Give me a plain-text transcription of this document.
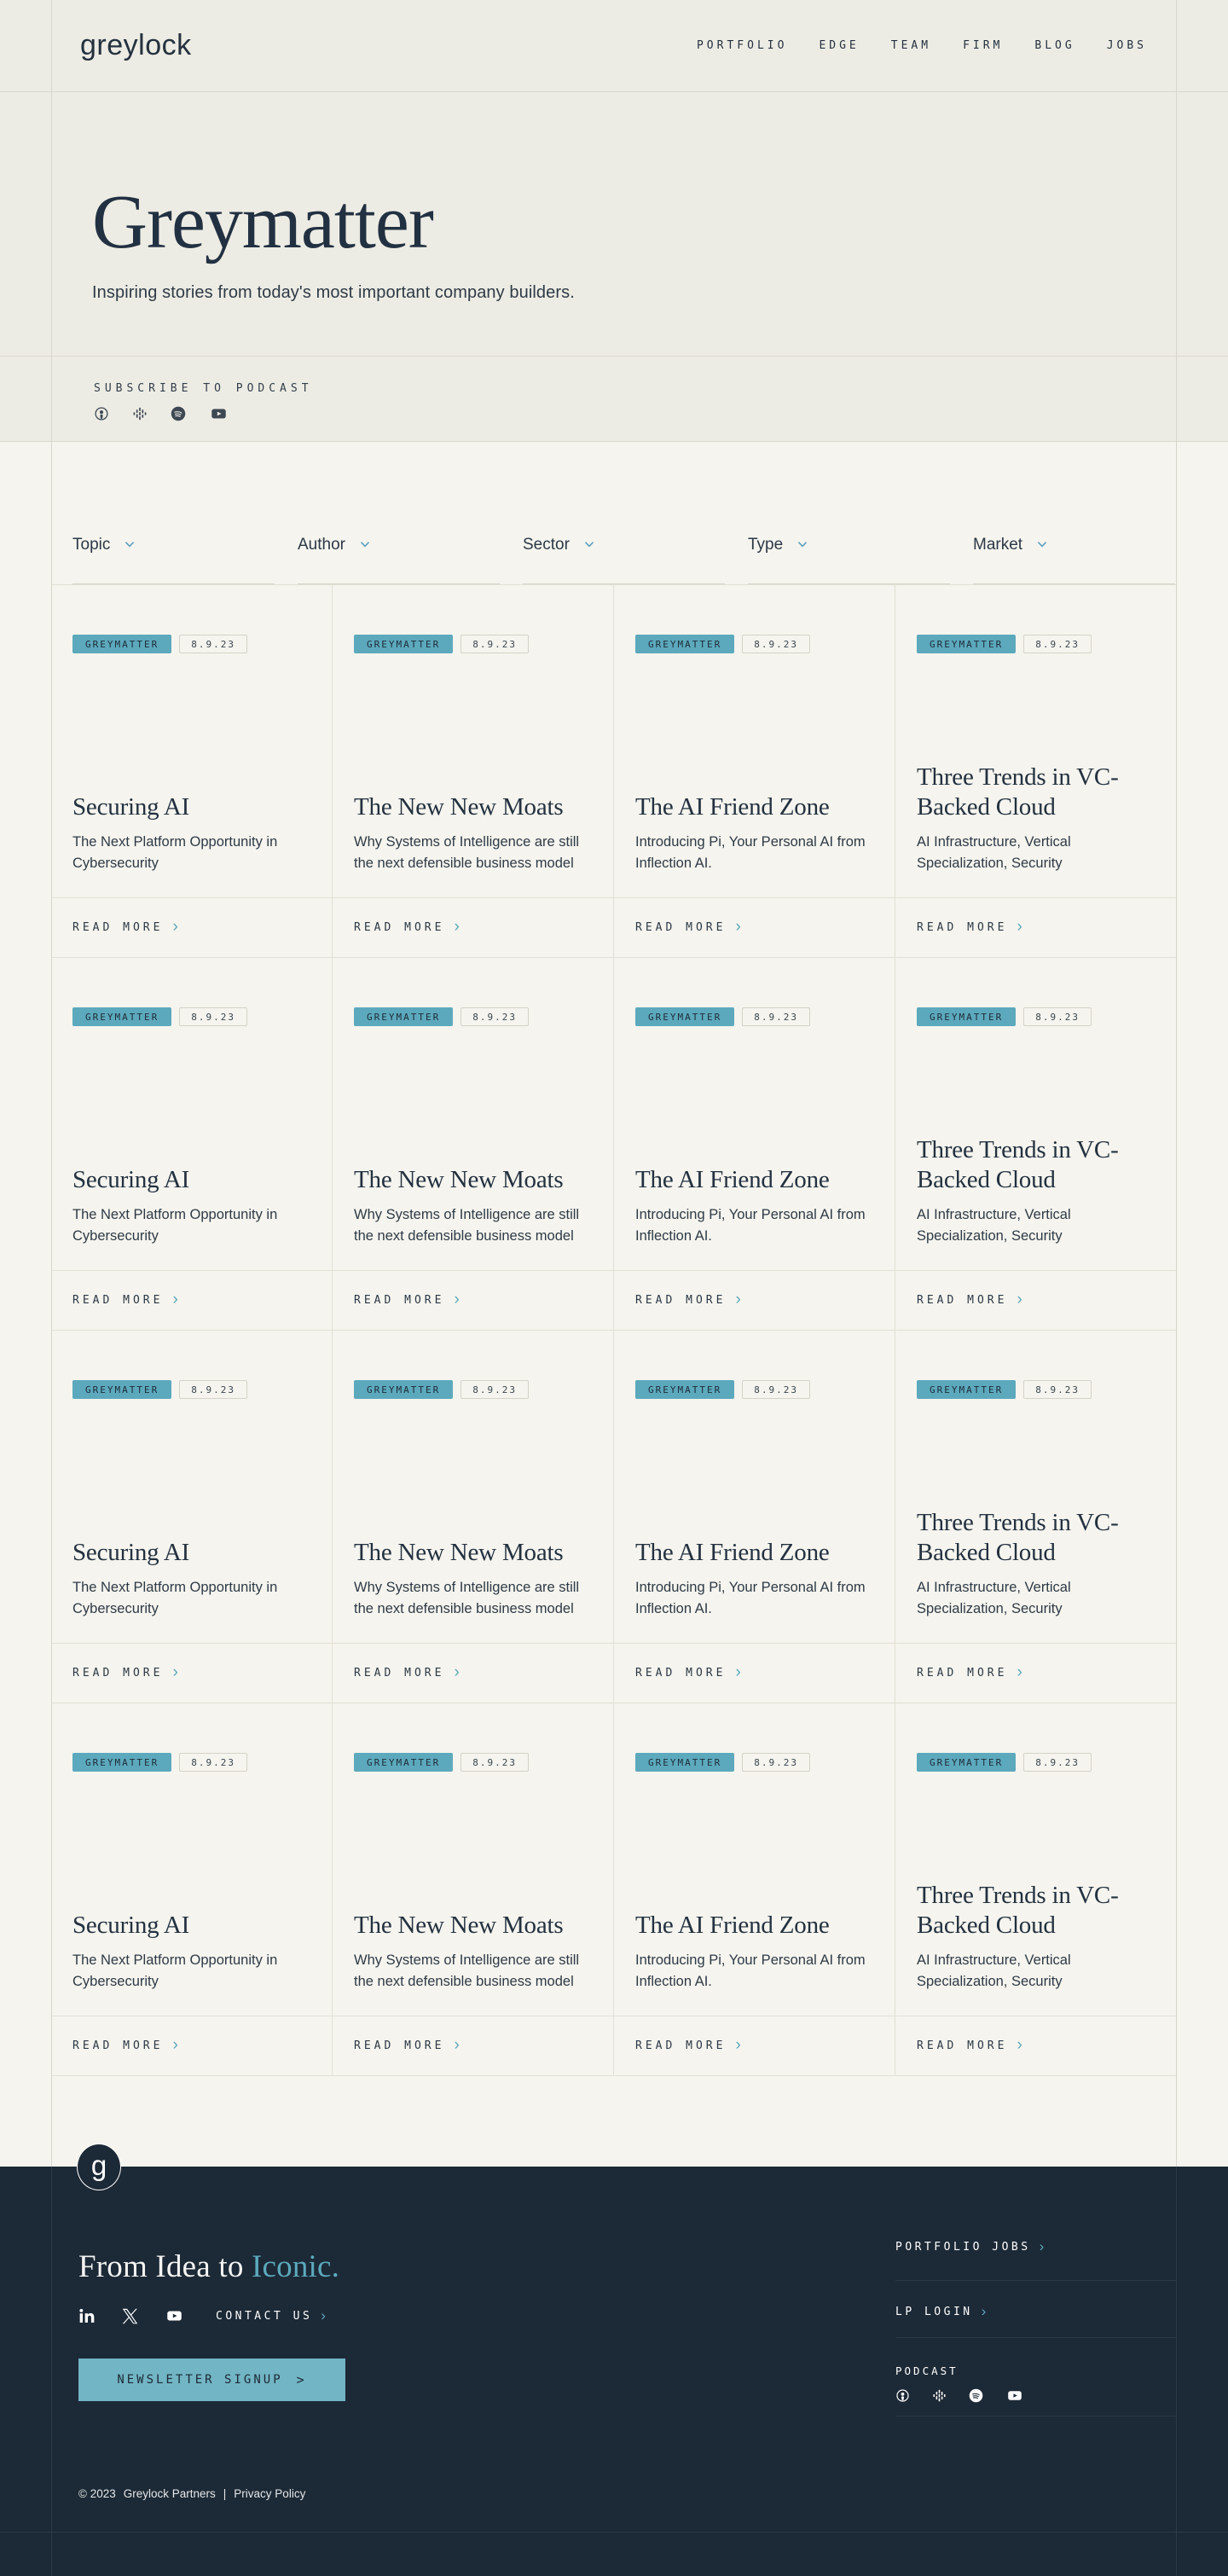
greylock	PORTFOLIO	EDGE	TEAM	FIRM	BLOG	JOBS
Greymatter

Inspiring stories from today's most important company builders.

SUBSCRIBE TO PODCAST
Topic	Author	Sector	Type	Market
GREYMATTER	8.9.23
Securing AI

The Next Platform Opportunity in Cybersecurity

READ MORE ›
GREYMATTER	8.9.23
The New New Moats

Why Systems of Intelligence are still the next defensible business model

READ MORE ›
GREYMATTER	8.9.23
The AI Friend Zone

Introducing Pi, Your Personal AI from Inflection AI.

READ MORE ›
GREYMATTER	8.9.23
Three Trends in VC-Backed Cloud

AI Infrastructure, Vertical Specialization, Security

READ MORE ›
GREYMATTER	8.9.23
Securing AI

The Next Platform Opportunity in Cybersecurity

READ MORE ›
GREYMATTER	8.9.23
The New New Moats

Why Systems of Intelligence are still the next defensible business model

READ MORE ›
GREYMATTER	8.9.23
The AI Friend Zone

Introducing Pi, Your Personal AI from Inflection AI.

READ MORE ›
GREYMATTER	8.9.23
Three Trends in VC-Backed Cloud

AI Infrastructure, Vertical Specialization, Security

READ MORE ›
GREYMATTER	8.9.23
Securing AI

The Next Platform Opportunity in Cybersecurity

READ MORE ›
GREYMATTER	8.9.23
The New New Moats

Why Systems of Intelligence are still the next defensible business model

READ MORE ›
GREYMATTER	8.9.23
The AI Friend Zone

Introducing Pi, Your Personal AI from Inflection AI.

READ MORE ›
GREYMATTER	8.9.23
Three Trends in VC-Backed Cloud

AI Infrastructure, Vertical Specialization, Security

READ MORE ›
GREYMATTER	8.9.23
Securing AI

The Next Platform Opportunity in Cybersecurity

READ MORE ›
GREYMATTER	8.9.23
The New New Moats

Why Systems of Intelligence are still the next defensible business model

READ MORE ›
GREYMATTER	8.9.23
The AI Friend Zone

Introducing Pi, Your Personal AI from Inflection AI.

READ MORE ›
GREYMATTER	8.9.23
Three Trends in VC-Backed Cloud

AI Infrastructure, Vertical Specialization, Security

READ MORE ›
g
From Idea to Iconic.
CONTACT US ›
NEWSLETTER SIGNUP >
PORTFOLIO JOBS ›
LP LOGIN ›
PODCAST
© 2023 Greylock Partners | Privacy Policy
